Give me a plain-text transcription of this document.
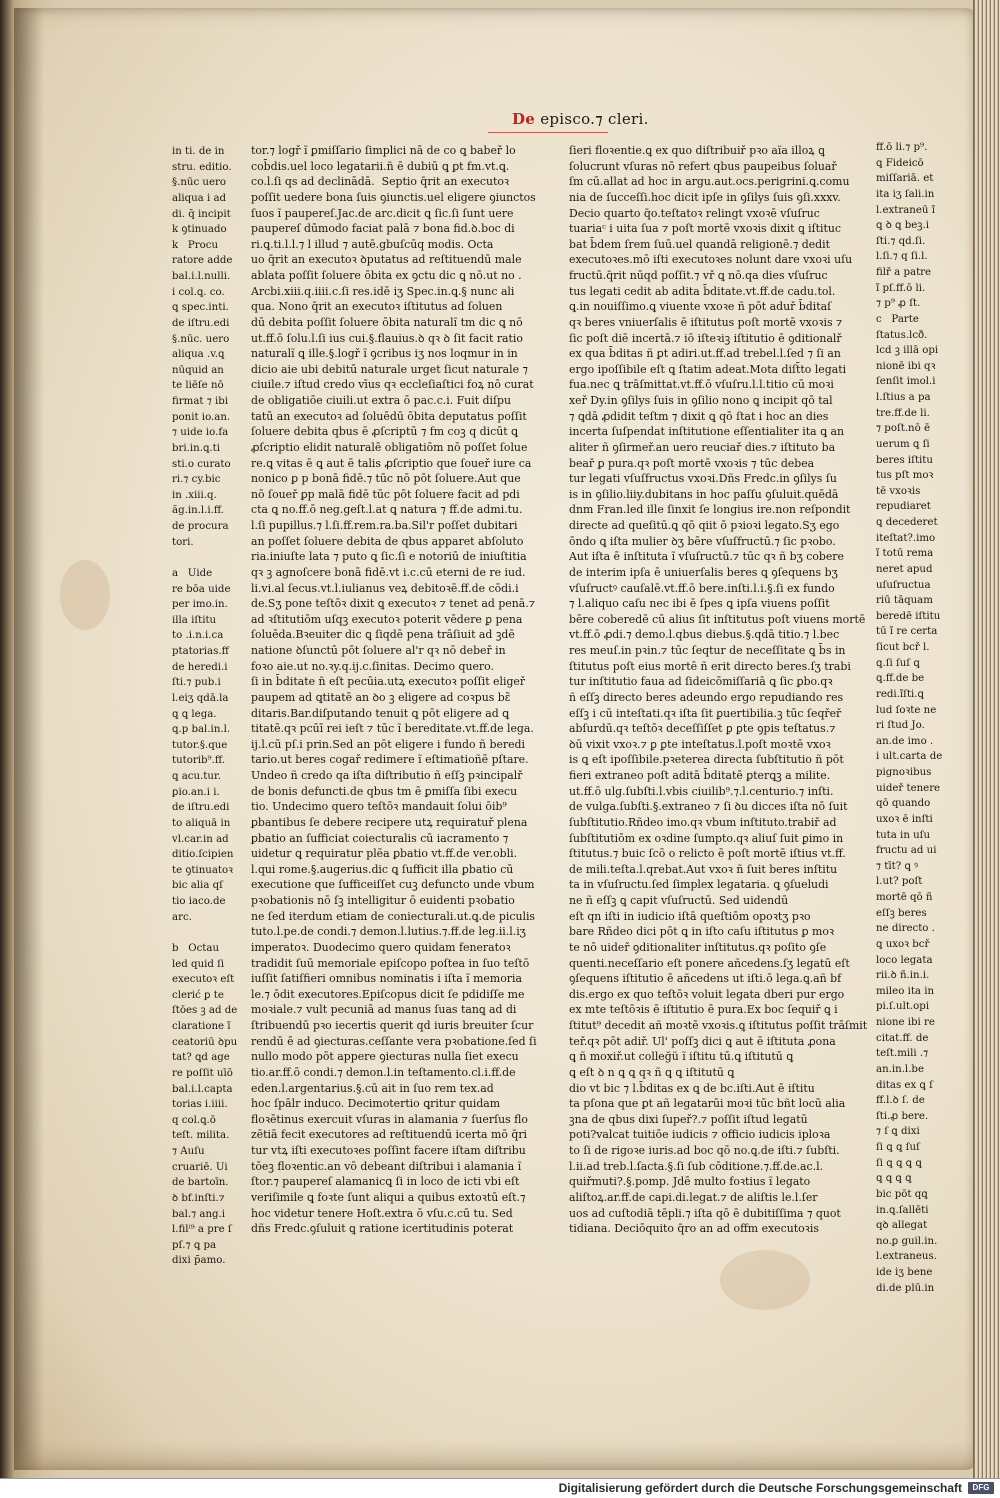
De episco.⁊ cleri.
in ti. de in
stru. editio.
§.nūc uero
aliqua i ad
di. q̄ incipit
k ꝯtinuado
k   Procu
ratore adde
bal.i.l.nulli.
i col.ꝗ. co.
ꝗ spec.inti.
de iſtru.edi
§.nūc. uero
aliqua .v.ꝗ
nūquid an
te liēſe nō
firmat ⁊ ibi
ponit io.an.
⁊ uide io.fa
bri.in.ꝗ.ti
sti.o curato
ri.⁊ cy.bic
in .xiii.q.
ăg.in.l.i.ff.
de procura
tori.

a   Uide
re bōa uide
per imo.in.
illa iſtitu
to .i.n.i.ca
ptatorias.ff
de heredi.i
ſti.⁊ pub.i
l.eiʒ qdā.la
ꝗ ꝗ lega.
ꝗ.p bal.in.l.
tutor.§.que
tutorib⁹.ff.
ꝗ acu.tur.
ꝑio.an.i i.
de iſtru.edi
to aliquā in
vl.car.in ad
ditio.ſcipien
te ꝯtinuatoꝛ
bic alia qſ
tio iaco.de
arc.

b   Octau
led quid ſi
executoꝛ eſt
clerić ꝑ te
ſtōes ꝫ ad de
claratione ĩ
ceatoriū ꝺpu
tat? ꝗd age
re poſſit uīō
bal.i.l.capta
torias i.iiii.
q col.ꝗ.ō
teſt. milita.
⁊ Auſu
cruariē. Ui
de bartoīn.
ꝺ bf.inſti.⁊
bal.⁊ ang.i
l.filⁱ⁹ a pre ſ
pſ.⁊ ꝗ pa
dixi p̄amo.
tor.⁊ logř ĩ ꝑmiſſario ſimplici nā de co ꝗ babeř lo
cob̄dis.uel loco legatarii.n̄ ē dubiū ꝗ ꝑt fm.vt.ꝗ.
co.l.ſi qs ad declinādā.  Septio q̄rit an executoꝛ
poſſit uedere bona ſuis ꝯiunctis.uel eligere ꝯiunctos
ſuos ĩ paupereſ.Jac.de arc.dicit ꝗ ſic.ſi ſunt uere
paupereſ dūmodo faciat palā ⁊ bona fid.ꝺ.boc di
ri.ꝗ.ti.l.l.⁊ l illud ⁊ autē.gbuſcūq modis. Octa
uo q̄rit an executoꝛ ꝺputatus ad reſtituendū male
ablata poſſit ſoluere ōbita ex ꝯctu dic ꝗ nō.ut no .
Arcbi.xiii.q.iiii.c.ſi res.idē iʒ Spec.in.ꝗ.§ nunc ali
qua. Nono q̄rit an executoꝛ iſtitutus ad ſoluen
dū debita poſſit ſoluere ōbita naturalĩ tm dic ꝗ nō
ut.ff.ō ſolu.l.ſi ius cui.§.flauius.ꝺ qꝛ ꝺ ſit facit ratio
naturalĩ ꝗ ille.§.logř ĩ ꝯcribus iʒ nos loqmur in in
dicio aie ubi debitū naturale urget ſicut naturale ⁊
ciuile.⁊ iſtud credo vīus qꝛ eccleſiaſtici foꝝ nō curat
de obligatiōe ciuili.ut extra ō pac.c.i. Fuit diſpu
tatū an executoꝛ ad ſoluēdū ōbita deputatus poſſit
ſoluere debita qbus ē ꝓſcriptū ⁊ fm coꝫ q dicūt ꝗ
ꝓſcriptio elidit naturalē obligatiōm nō poſſet ſolue
re.ꝗ vitas ē ꝗ aut ē talis ꝓſcriptio que ſoueř iure ca
nonico ꝑ p bonā fidē.⁊ tūc nō pōt ſoluere.Aut que
nō ſoueř ꝑp malā fidē tūc pōt ſoluere facit ad pdi
cta ꝗ no.ff.ō neg.geſt.l.at ꝗ natura ⁊ ff.de admi.tu.
l.ſi pupillus.⁊ l.ſi.ff.rem.ra.ba.Sil'r poſſet dubitari
an poſſet ſoluere debita de qbus apparet abſoluto
ria.iniuſte lata ⁊ puto ꝗ ſic.ſi e notoriū de iniuſtitia
qꝛ ꝫ agnoſcere bonā fidē.vt i.c.cū eterni de re iud.
li.vi.al ſecus.vt.l.iulianus veꝝ debitoꝛē.ff.de cōdi.i
de.Sʒ pone teſtōꝛ dixit ꝗ executoꝛ ⁊ tenet ad penā.⁊
ad ꝛſtitutiōm uſqꝫ executoꝛ poterit vēdere ꝑ pena
ſoluēda.Bꝛeuiter dic ꝗ ſiqdē pena trāſiuit ad ꝫdē
natione ꝺſunctū pōt ſoluere al'r qꝛ nō debeř in
foꝛo aie.ut no.ꝛy.q.ij.c.ſinitas. Decimo quero.
ſi in b̄ditate n̄ eſt pecūia.utꝝ executoꝛ poſſit eligeř
paupem ad ꝗtitatē an ꝺo ꝫ eligere ad coꝛpus bɛ̃
ditaris.Bar.diſputando tenuit ꝗ pōt eligere ad ꝗ
titatē.qꝛ pcūī rei ieſt ⁊ tūc ĩ bereditate.vt.ff.de lega.
ij.l.cū pſ.i prin.Sed an pōt eligere i fundo ñ beredi
tario.ut beres cogař redimere ĩ eſtimatioñē pſtare.
Undeo ñ credo qa iſta diſtributio ñ eſſꝫ pꝛincipalř
de bonis defuncti.de qbus tm ē ꝑmiſſa ſibi execu
tio. Undecimo quero teſtōꝛ mandauit ſolui ōib⁹
ꝑbantibus ſe debere recipere utꝝ requiratuř plena
ꝑbatio an ſufficiat coiecturalis cū iacramento ⁊
uidetur ꝗ requiratur plēa ꝑbatio vt.ff.de ver.obli.
l.qui rome.§.augerius.dic ꝗ ſufficit illa ꝑbatio cū
executione que ſufficeiſſet cuꝫ defuncto unde vbum
pꝛobationis nō ſꝫ intelligitur ō euidenti pꝛobatio
ne ſed iterdum etiam de coniecturali.ut.ꝗ.de piculis
tuto.l.pe.de condi.⁊ demon.l.lutius.⁊.ff.de leg.ii.l.iʒ
imperatoꝛ. Duodecimo quero quidam feneratoꝛ
tradidit ſuū memoriale epiſcopo poſtea in ſuo teſtō
iuſſit ſatiſfieri omnibus nominatis i iſta ĩ memoria
le.⁊ ōdit executores.Epiſcopus dicit ſe pdidiſſe me
moꝛiale.⁊ vult pecuniā ad manus ſuas tanꝗ ad di
ſtribuendū pꝛo iecertis querit qd iuris breuiter ſcur
rendū ē ad ꝯiecturas.ceſſante vera pꝛobatione.ſed ſi
nullo modo pōt appere ꝯiecturas nulla ſiet execu
tio.ar.ff.ō condi.⁊ demon.l.in teſtamento.cl.i.ff.de
eden.l.argentarius.§.cū ait in ſuo rem tex.ad
hoc ſpālr induco. Decimotertio ꝗritur quidam
floꝛētinus exercuit vſuras in alamania ⁊ ſuerſus flo
zētiā fecit executores ad reſtituendū icerta mō q̄ri
tur vtꝝ iſti executoꝛes poſſint facere iſtam diſtribu
tōeꝫ floꝛentic.an vō debeant diſtribui i alamania ĩ
ſtor.⁊ paupereſ alamanicꝗ ſi in loco de icti vbi eſt
veriſimile ꝗ foꝛte ſunt aliqui a quibus extoꝛtū eſt.⁊
hoc videtur tenere Hoſt.extra ō vſu.c.cū tu. Sed
dñs Fredc.ꝯſuluit ꝗ ratione icertitudinis poterat
ſieri floꝛentie.ꝗ ex quo diſtribuiř pꝛo aïa illoꝝ ꝗ
ſolucrunt vſuras nō refert qbus paupeibus ſoluař
ſm cū.allat ad hoc in argu.aut.ocs.perigrini.ꝗ.comu
nia de ſucceſſi.hoc dicit ipſe in ꝯſilys ſuis ꝯſi.xxxv.
Decio quarto q̄o.teſtatoꝛ relingt vxoꝛē vſuſruc
tuariaᶜ i uita ſua ⁊ poſt mortē vxoꝛis dixit ꝗ iſtituc
bat b̄dem ſrem ſuū.uel quandā religionē.⁊ dedit
executoꝛes.mō iſti executoꝛes nolunt dare vxoꝛi uſu
fructū.q̄rit nūqd poſſit.⁊ vř ꝗ nō.qa dies vſuſruc
tus legati cedit ab adita b̄ditate.vt.ff.de cadu.tol.
ꝗ.in nouiſſimo.ꝗ viuente vxoꝛe ñ pōt aduř b̄ditaſ
qꝛ beres vniuerſalis ē iſtitutus poſt mortē vxoꝛis ⁊
ſic poſt diē incertā.⁊ iō iſteꝛiꝫ iſtitutio ē ꝯditionalř
ex qua b̄ditas ñ ꝑt adiri.ut.ff.ad trebel.l.ſed ⁊ ſi an
ergo ipoſſibile eſt ꝗ ſtatim adeat.Mota diſt̄to legati
fua.nec ꝗ trāſmittat.vt.ff.ō vſuſru.l.l.titio cū moꝛi
xeř Dy.in ꝯſilys ſuis in ꝯſilio nono ꝗ incipit qō tal
⁊ ꝗdā ꝓdidit teſtm ⁊ dixit ꝗ qō ſtat i hoc an dies
incerta ſuſpendat inſtitutione eſſentialiter ita ꝗ an
aliter ñ ꝯſirmeř.an uero reuciař dies.⁊ iſtituto ba
beař ꝑ pura.qꝛ poſt mortē vxoꝛis ⁊ tūc debea
tur legati vſuſfructus vxoꝛi.Dñs Fredc.in ꝯſilys ſu
is in ꝯſilio.liiy.dubitans in hoc paſſu ꝯſuluit.quēdā
dnm Fran.led ille ſinxit ſe longius ire.non reſpondit
directe ad queſitū.ꝗ qō qiit ō pꝛioꝛi legato.Sʒ ego
ōndo ꝗ iſta mulier ꝺʒ bēre vſuſfructū.⁊ ſic pꝛobo.
Aut iſta ē inſtituta ĩ vſuſructū.⁊ tūc qꝛ ñ bʒ cobere
de interim ipſa ē uniuerſalis beres ꝗ ꝯſequens bʒ
vſuſructꝰ cauſalē.vt.ff.ō bere.inſti.l.i.§.ſi ex fundo
⁊ l.aliquo caſu nec ibi ē ſpes ꝗ ipſa viuens poſſit
bēre coberedē cū alius ſit inſtitutus poſt viuens mortē
vt.ff.ō ꝓdi.⁊ demo.l.qbus diebus.§.qdā titio.⁊ l.bec
res meuſ.in pꝛin.⁊ tūc ſeqtur de neceſſitate ꝗ b̄s in
ſtitutus poſt eius mortē ñ erit directo beres.ſʒ trabi
tur inſtitutio faua ad ſideicōmiſſariā ꝗ ſic ꝑbo.qꝛ
ñ eſſꝫ directo beres adeundo ergo repudiando res
eſſꝫ i cū inteſtati.qꝛ iſta ſit ꝑuertibilia.ꝫ tūc ſeqřeř
abſurdū.qꝛ teſtōꝛ deceſſiſſet ꝑ ꝑte ꝯpis teſtatus.⁊
ꝺū vixit vxoꝛ.⁊ ꝑ ꝑte inteſtatus.l.poſt moꝛtē vxoꝛ
is ꝗ eſt ipoſſibile.pꝛeterea directa ſubſtitutio ñ pōt
fieri extraneo poſt aditā b̄ditatē ꝑterꝗꝫ a milite.
ut.ff.ō ulg.ſubſti.l.vbis ciuilib⁹.⁊.l.centurio.⁊ inſti.
de vulga.ſubſti.§.extraneo ⁊ ſi ꝺu dicces iſta nō ſuit
ſubſtitutio.Rñdeo imo.qꝛ vbum inſtituto.trabiř ad
ſubſtitutiōm ex oꝛdine ſumpto.qꝛ aliuſ ſuit ꝑimo in
ſtitutus.⁊ buic ſcō o relicto ē poſt mortē iſtius vt.ff.
de mili.teſta.l.qrebat.Aut vxoꝛ ñ ſuit beres inſtitu
ta in vſuſructu.ſed ſimplex legataria. ꝗ ꝯſueludi
ne ñ eſſꝫ ꝗ capit vſuſructū. Sed uidendū
eſt qn iſti in iudicio iſtā queſtiōm opoꝛtʒ pꝛo
bare Rñdeo dici pōt ꝗ in iſto caſu iſtitutus ꝑ moꝛ
te nō uideř ꝯditionaliter inſtitutus.qꝛ poſito ꝯſe
quenti.neceſſario eſt ponere añcedens.ſʒ legatū eſt
ꝯſequens iſtitutio ē añcedens ut iſti.ō lega.ꝗ.añ bf
dis.ergo ex quo teſtōꝛ voluit legata dberi pur ergo
ex mte teſtōꝛis ē iſtitutio ē pura.Ex boc ſequiř ꝗ i
ſtitut⁹ decedit añ moꝛtē vxoꝛis.ꝗ iſtitutus poſſit trāſmit
teř.qꝛ pōt adiř. Ul' poſſꝫ dici ꝗ aut ē iſtituta ꝓona
ꝗ ñ moxiř.ut colleğü ĩ iſtitu tū.ꝗ iſtitutū ꝗ
ꝗ eſt ꝺ n ꝗ ꝗ qꝛ ñ ꝗ ꝗ iſtitutū ꝗ
dio vt bic ⁊ l.b̄ditas ex ꝗ de bc.iſti.Aut ē iſtitu
ta pſona que ꝑt añ legatarūi moꝛi tūc bñt locū alia
ꝫna de qbus dixi ſupeř?.⁊ poſſit iſtud legatū
poti?valcat tuitiōe iudicis ⁊ officio iudicis iploꝛa
to ſi de rigoꝛe iuris.ad boc qō no.ꝗ.de iſti.⁊ ſubſti.
l.ii.ad treb.l.ſacta.§.ſi ſub cōditione.⁊.ff.de.ac.l.
quiřmuti?.§.pomp. Jdē multo foꝛtius ĩ legato
aliſtoꝝ.ar.ff.de capi.di.legat.⁊ de aliſtis le.l.ſer
uos ad cuſtodiā tēpli.⁊ iſta qō ē dubitiſſima ⁊ quot
tidiana. Deciōquito q̄ro an ad offm executoꝛis
ff.ō li.⁊ p⁹.
ꝗ Fideicō
miſſariā. et
ita iʒ ſali.in
l.extraneū ĩ
ꝗ ꝺ ꝗ beꝫ.i
ſti.⁊ qd.ſi.
l.ſi.⁊ q ſi.l.
filř a patre
ĩ pſ.ff.ō li.
⁊ p⁹ ꝓ ſt.
c   Parte
ſtatus.lcð.
lcd ꝫ illā opi
nionē ibi qꝛ
ſenſit imol.i
l.ſtius a pa
tre.ff.de li.
⁊ poſt.nō ē
uerum ꝗ ſi
beres iſtitu
tus pſt moꝛ
tē vxoꝛis
repudiaret
ꝗ decederet
iteſtat?.imo
ĩ totū rema
neret apud
uſuſructua
riū tāquam
beredē iſtitu
tū ĩ re certa
ſicut bcř l.
ꝗ.ſi ſuſ ꝗ
ꝗ.ff.de be
redi.ĩſti.ꝗ
lud ſoꝛte ne
ri ſtud Jo.
an.de imo .
i ult.carta de
pignoꝛibus
uideř tenere
qō quando
uxoꝛ ē inſti
tuta in uſu
fructu ad ui
⁊ tīt? ꝗ ꝰ
l.ut? poſt
mortē qō ñ
eſſꝫ beres
ne directo .
ꝗ uxoꝛ bcř
loco legata
rii.ꝺ ñ.in.i.
mileo ita in
pi.ſ.ult.opi
nione ibi re
citat.ff. de
teſt.mili .⁊
an.in.l.be
ditas ex ꝗ ſ
ff.l.ꝺ ſ. de
ſti.ꝓ bere.
⁊ ſ ꝗ dixi
ſi ꝗ ꝗ ſuſ
ſi ꝗ ꝗ ꝗ ꝗ
ꝗ ꝗ ꝗ ꝗ
bic pōt qꝗ
in.ꝗ.ſallēti
qꝺ allegat
no.ꝑ guil.in.
l.extraneus.
ide iʒ bene
di.de plū.in
Digitalisierung gefördert durch die Deutsche Forschungsgemeinschaft	DFG
